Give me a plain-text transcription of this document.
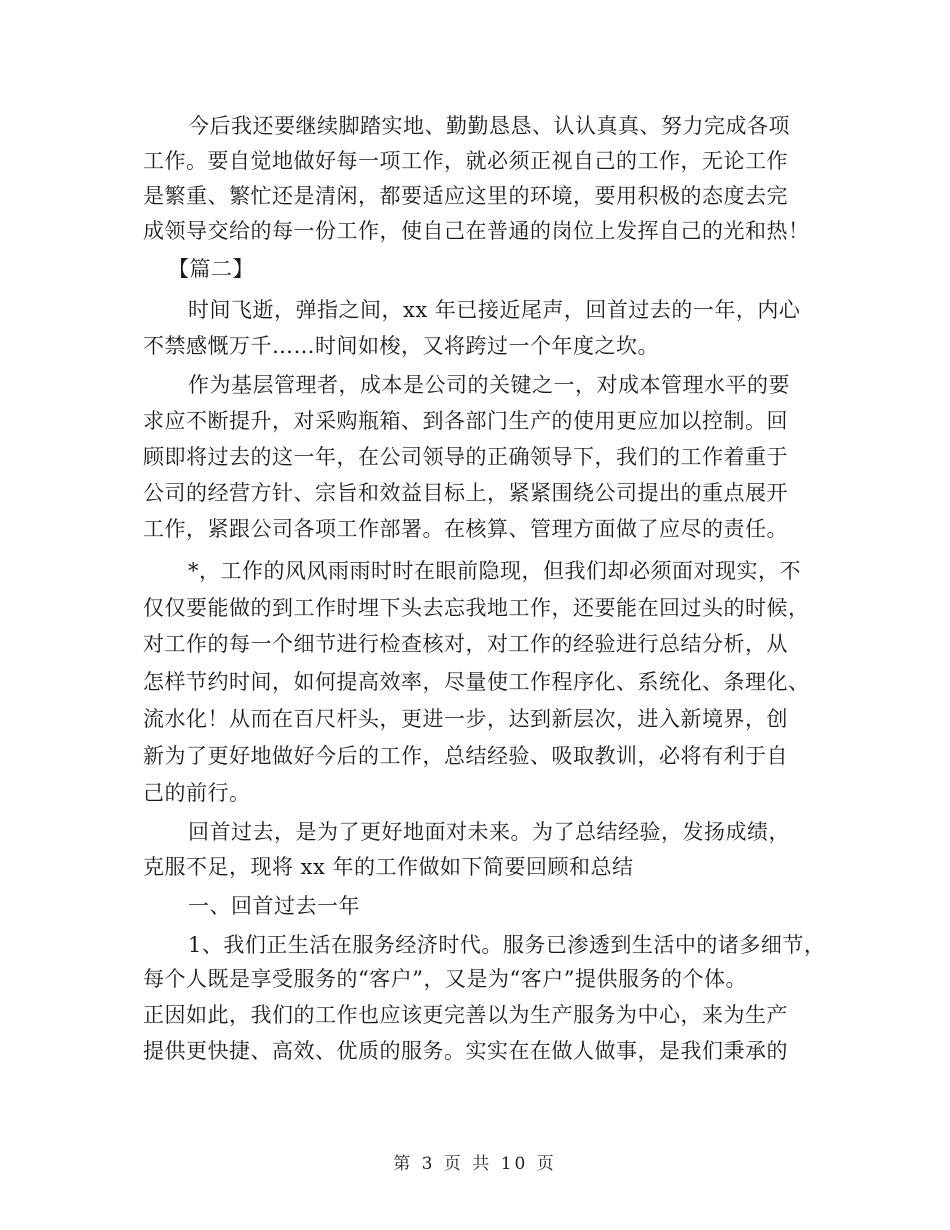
今后我还要继续脚踏实地、勤勤恳恳、认认真真、努力完成各项
工作。要自觉地做好每一项工作，就必须正视自己的工作，无论工作
是繁重、繁忙还是清闲，都要适应这里的环境，要用积极的态度去完
成领导交给的每一份工作，使自己在普通的岗位上发挥自己的光和热！
【篇二】
时间飞逝，弹指之间，xx 年已接近尾声，回首过去的一年，内心
不禁感慨万千……时间如梭，又将跨过一个年度之坎。
作为基层管理者，成本是公司的关键之一，对成本管理水平的要
求应不断提升，对采购瓶箱、到各部门生产的使用更应加以控制。回
顾即将过去的这一年，在公司领导的正确领导下，我们的工作着重于
公司的经营方针、宗旨和效益目标上，紧紧围绕公司提出的重点展开
工作，紧跟公司各项工作部署。在核算、管理方面做了应尽的责任。
*，工作的风风雨雨时时在眼前隐现，但我们却必须面对现实，不
仅仅要能做的到工作时埋下头去忘我地工作，还要能在回过头的时候，
对工作的每一个细节进行检查核对，对工作的经验进行总结分析，从
怎样节约时间，如何提高效率，尽量使工作程序化、系统化、条理化、
流水化！从而在百尺杆头，更进一步，达到新层次，进入新境界，创
新为了更好地做好今后的工作，总结经验、吸取教训，必将有利于自
己的前行。
回首过去，是为了更好地面对未来。为了总结经验，发扬成绩，
克服不足，现将 xx 年的工作做如下简要回顾和总结
一、回首过去一年
1、我们正生活在服务经济时代。服务已渗透到生活中的诸多细节，
每个人既是享受服务的“客户”，又是为“客户”提供服务的个体。
正因如此，我们的工作也应该更完善以为生产服务为中心，来为生产
提供更快捷、高效、优质的服务。实实在在做人做事，是我们秉承的
第 3 页 共 10 页
